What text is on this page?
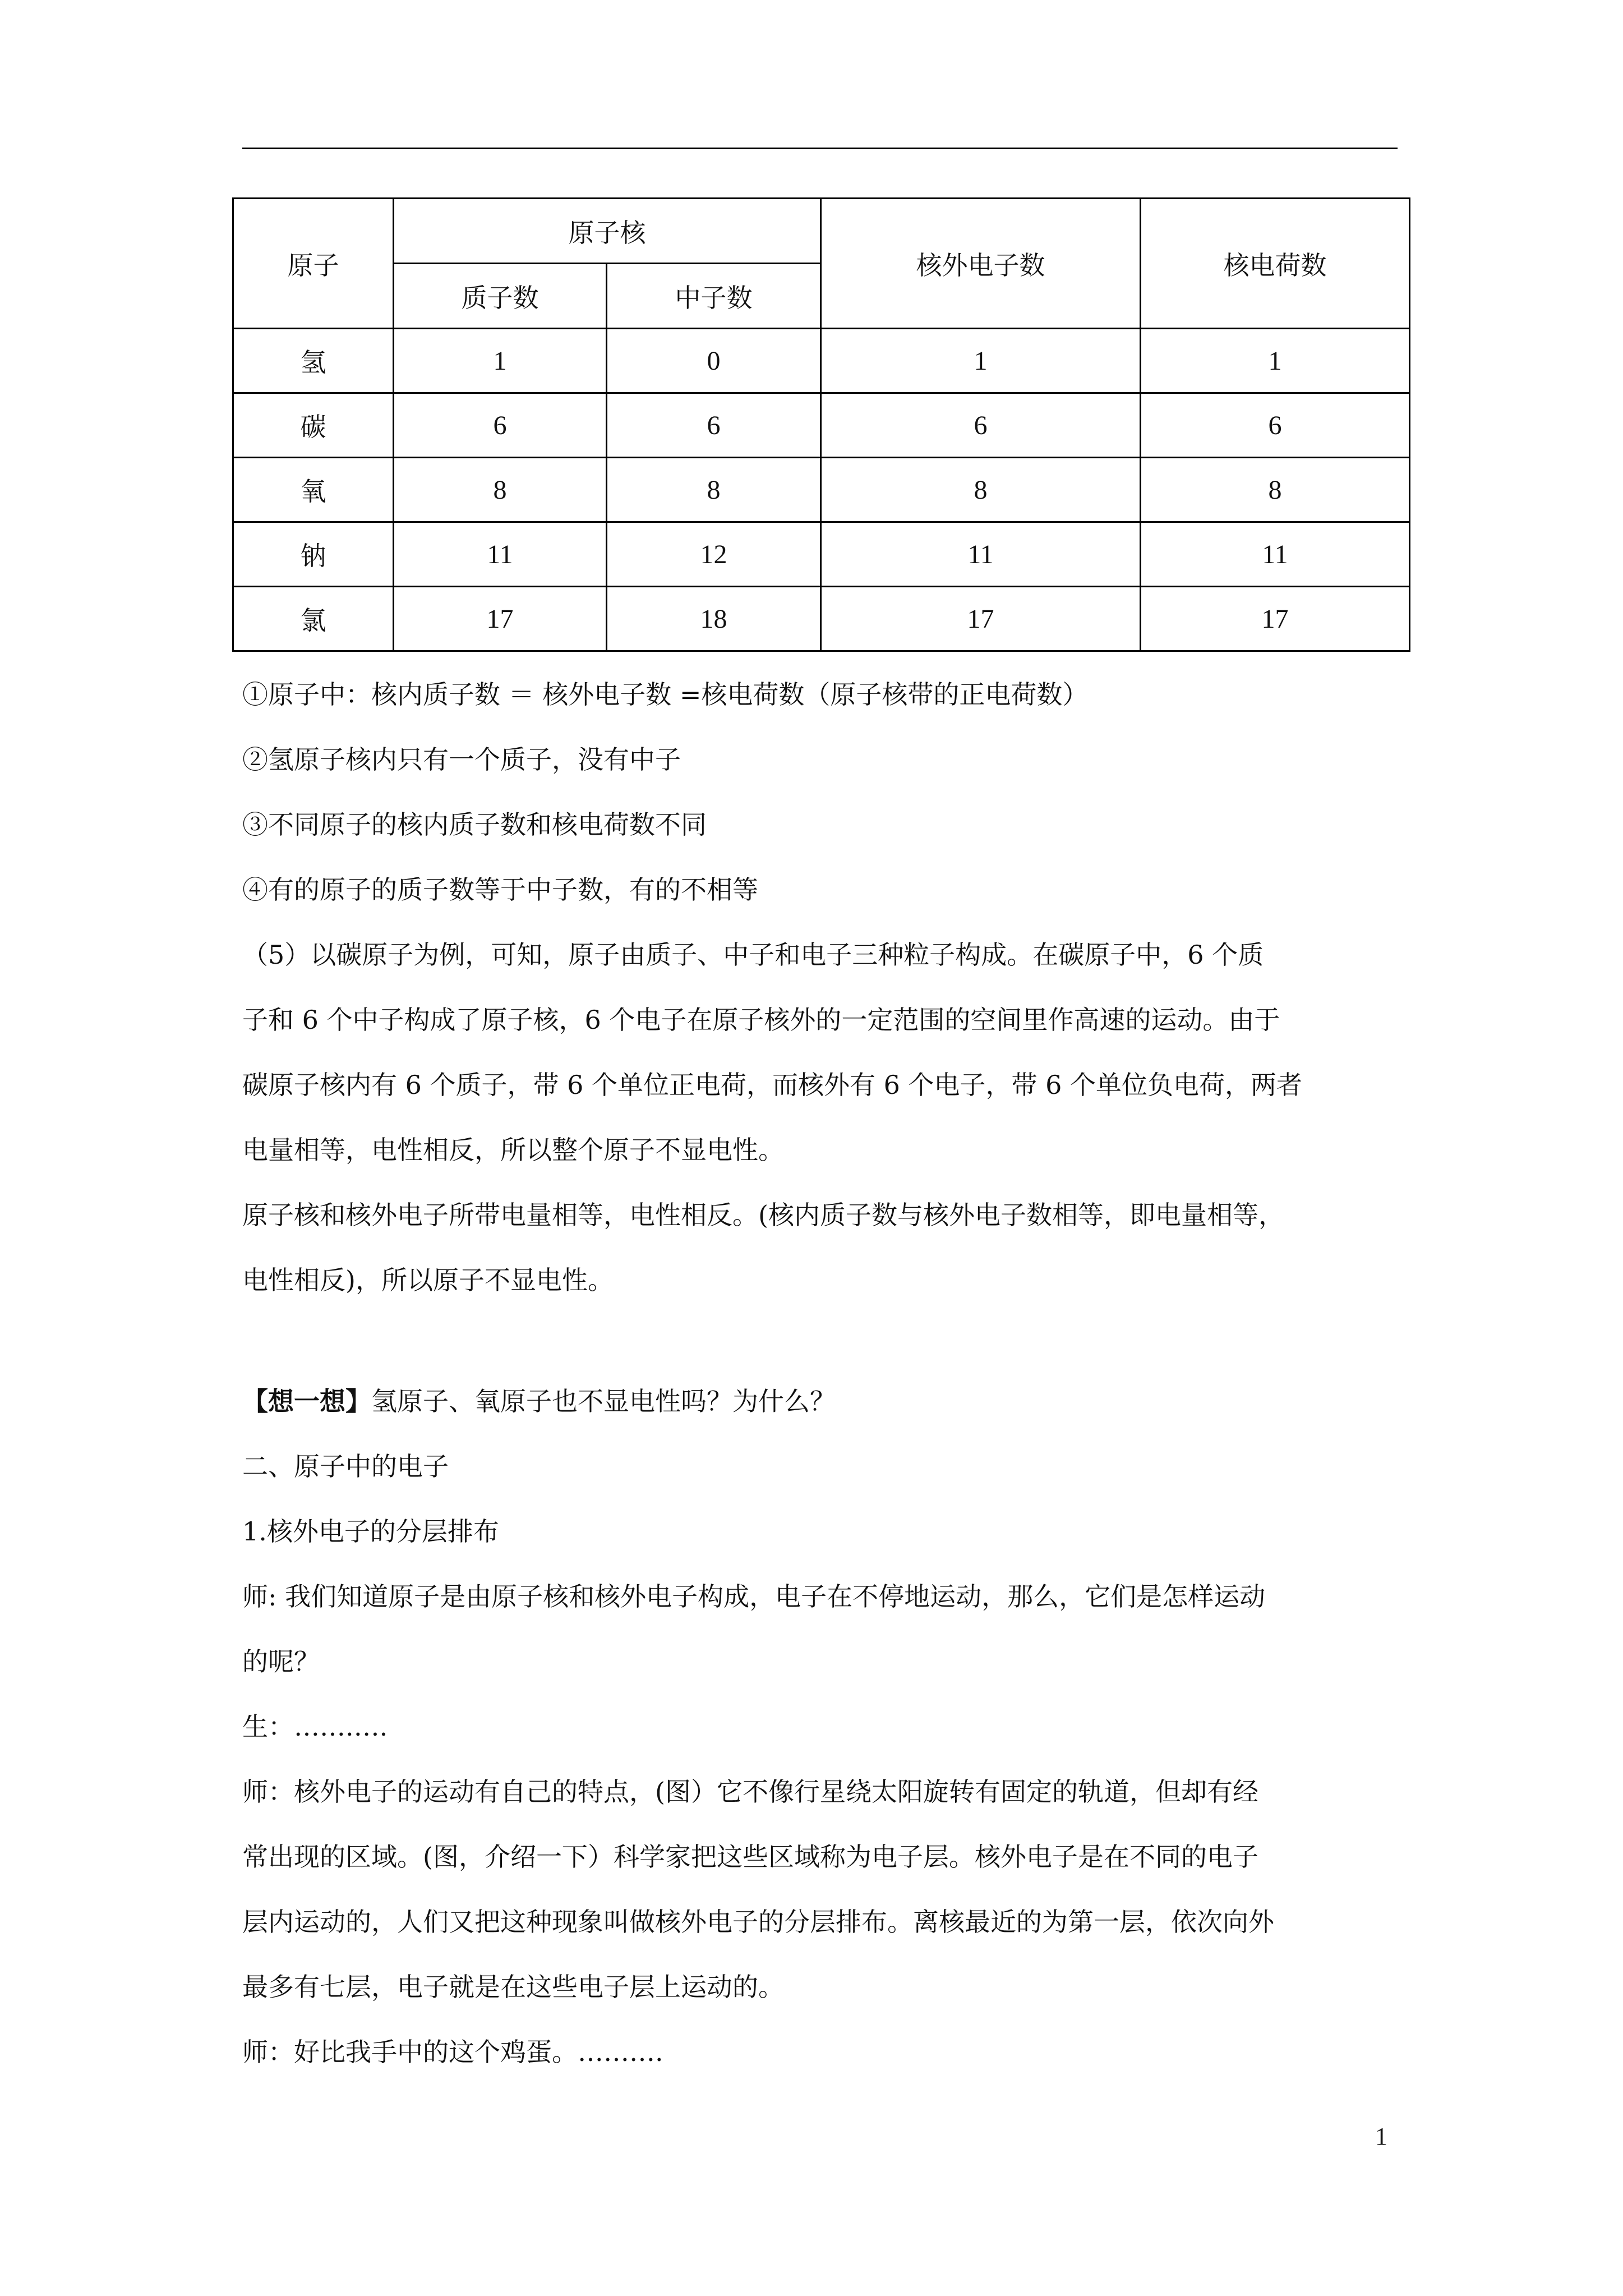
原子	原子核		核外电子数	核电荷数
	质子数	中子数		
氢	1	0	1	1
碳	6	6	6	6
氧	8	8	8	8
钠	11	12	11	11
氯	17	18	17	17

①原子中：核内质子数 ＝ 核外电子数 =核电荷数（原子核带的正电荷数）

②氢原子核内只有一个质子，没有中子

③不同原子的核内质子数和核电荷数不同

④有的原子的质子数等于中子数，有的不相等

（5）以碳原子为例，可知，原子由质子、中子和电子三种粒子构成。在碳原子中，6 个质

子和 6 个中子构成了原子核，6 个电子在原子核外的一定范围的空间里作高速的运动。由于

碳原子核内有 6 个质子，带 6 个单位正电荷，而核外有 6 个电子，带 6 个单位负电荷，两者

电量相等，电性相反，所以整个原子不显电性。

原子核和核外电子所带电量相等，电性相反。(核内质子数与核外电子数相等，即电量相等，

电性相反)，所以原子不显电性。

【想一想】氢原子、氧原子也不显电性吗？为什么？

二、原子中的电子

1.核外电子的分层排布

师: 我们知道原子是由原子核和核外电子构成，电子在不停地运动，那么，它们是怎样运动

的呢？

生：…….….

师：核外电子的运动有自己的特点，(图）它不像行星绕太阳旋转有固定的轨道，但却有经

常出现的区域。(图，介绍一下）科学家把这些区域称为电子层。核外电子是在不同的电子

层内运动的，人们又把这种现象叫做核外电子的分层排布。离核最近的为第一层，依次向外

最多有七层，电子就是在这些电子层上运动的。

师：好比我手中的这个鸡蛋。……….

1
